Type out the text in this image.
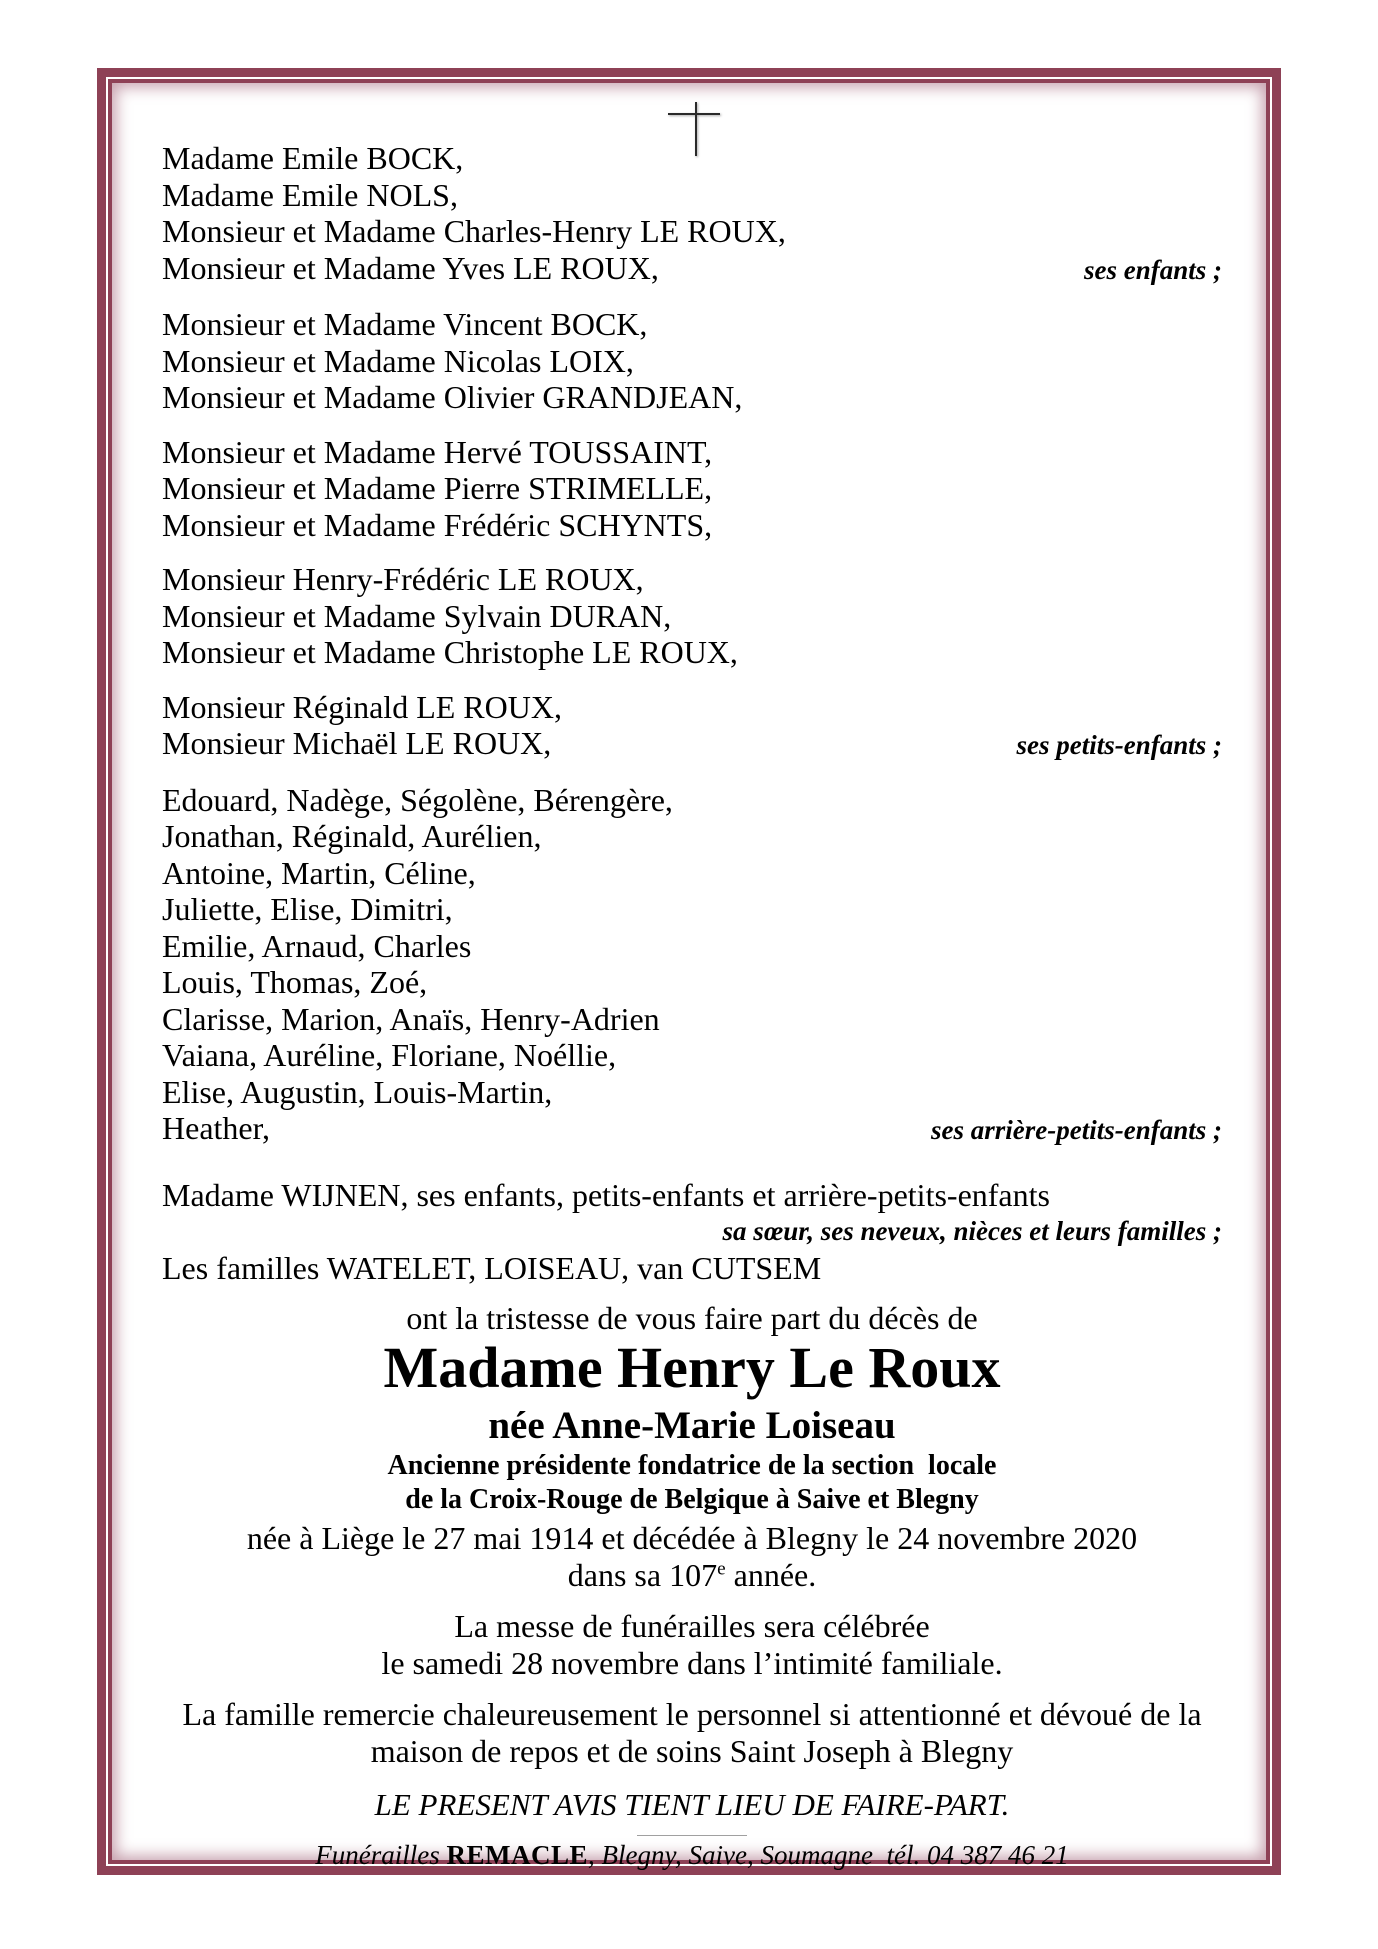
Madame Emile BOCK,
Madame Emile NOLS,
Monsieur et Madame Charles-Henry LE ROUX,
Monsieur et Madame Yves LE ROUX,	ses enfants ;
Monsieur et Madame Vincent BOCK,
Monsieur et Madame Nicolas LOIX,
Monsieur et Madame Olivier GRANDJEAN,
Monsieur et Madame Hervé TOUSSAINT,
Monsieur et Madame Pierre STRIMELLE,
Monsieur et Madame Frédéric SCHYNTS,
Monsieur Henry-Frédéric LE ROUX,
Monsieur et Madame Sylvain DURAN,
Monsieur et Madame Christophe LE ROUX,
Monsieur Réginald LE ROUX,
Monsieur Michaël LE ROUX,	ses petits-enfants ;
Edouard, Nadège, Ségolène, Bérengère,
Jonathan, Réginald, Aurélien,
Antoine, Martin, Céline,
Juliette, Elise, Dimitri,
Emilie, Arnaud, Charles
Louis, Thomas, Zoé,
Clarisse, Marion, Anaïs, Henry-Adrien
Vaiana, Auréline, Floriane, Noéllie,
Elise, Augustin, Louis-Martin,
Heather,	ses arrière-petits-enfants ;
Madame WIJNEN, ses enfants, petits-enfants et arrière-petits-enfants
sa sœur, ses neveux, nièces et leurs familles ;
Les familles WATELET, LOISEAU, van CUTSEM
ont la tristesse de vous faire part du décès de
Madame Henry Le Roux
née Anne-Marie Loiseau
Ancienne présidente fondatrice de la section  locale
de la Croix-Rouge de Belgique à Saive et Blegny
née à Liège le 27 mai 1914 et décédée à Blegny le 24 novembre 2020
dans sa 107e année.
La messe de funérailles sera célébrée
le samedi 28 novembre dans l’intimité familiale.
La famille remercie chaleureusement le personnel si attentionné et dévoué de la
maison de repos et de soins Saint Joseph à Blegny
LE PRESENT AVIS TIENT LIEU DE FAIRE-PART.
Funérailles REMACLE, Blegny, Saive, Soumagne  tél. 04 387 46 21
